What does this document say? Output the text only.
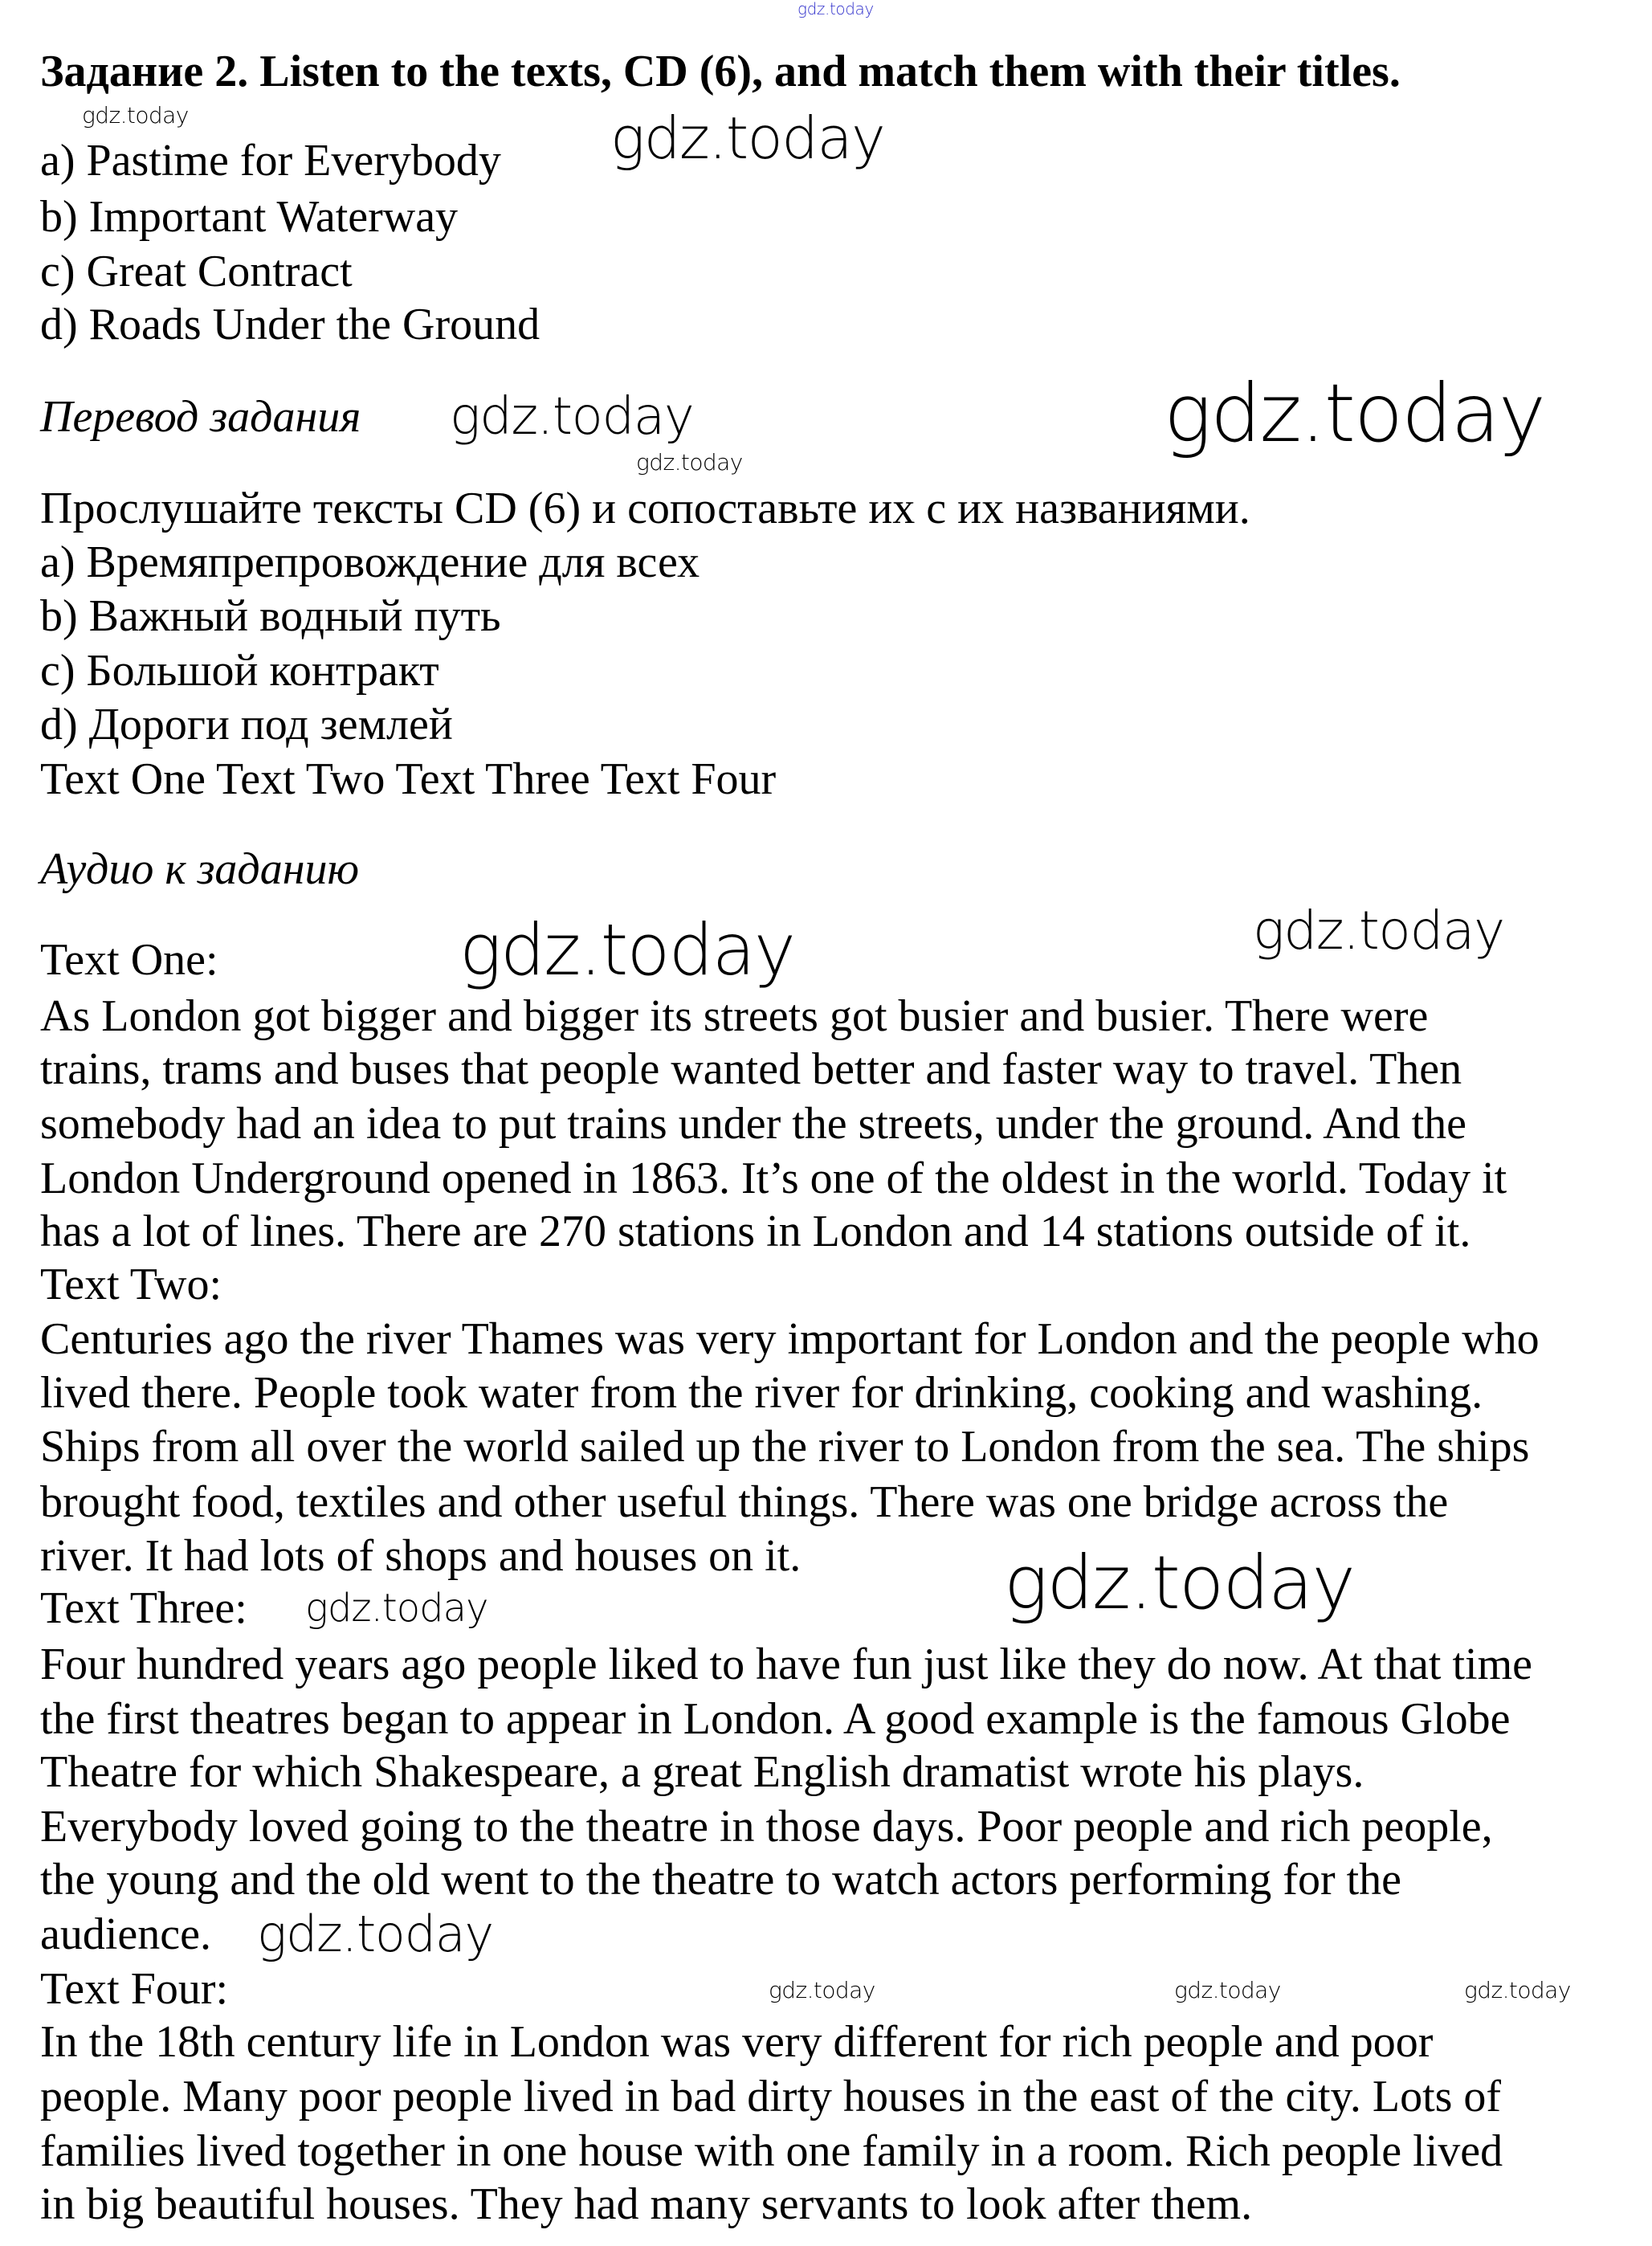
Задание 2. Listen to the texts, CD (6), and match them with their titles.
a) Pastime for Everybody
b) Important Waterway
c) Great Contract
d) Roads Under the Ground
Перевод задания
Прослушайте тексты CD (6) и сопоставьте их с их названиями.
a) Времяпрепровождение для всех
b) Важный водный путь
c) Большой контракт
d) Дороги под землей
Text One Text Two Text Three Text Four
Аудио к заданию
Text One:
As London got bigger and bigger its streets got busier and busier. There were
trains, trams and buses that people wanted better and faster way to travel. Then
somebody had an idea to put trains under the streets, under the ground. And the
London Underground opened in 1863. It’s one of the oldest in the world. Today it
has a lot of lines. There are 270 stations in London and 14 stations outside of it.
Text Two:
Centuries ago the river Thames was very important for London and the people who
lived there. People took water from the river for drinking, cooking and washing.
Ships from all over the world sailed up the river to London from the sea. The ships
brought food, textiles and other useful things. There was one bridge across the
river. It had lots of shops and houses on it.
Text Three:
Four hundred years ago people liked to have fun just like they do now. At that time
the first theatres began to appear in London. A good example is the famous Globe
Theatre for which Shakespeare, a great English dramatist wrote his plays.
Everybody loved going to the theatre in those days. Poor people and rich people,
the young and the old went to the theatre to watch actors performing for the
audience.
Text Four:
In the 18th century life in London was very different for rich people and poor
people. Many poor people lived in bad dirty houses in the east of the city. Lots of
families lived together in one house with one family in a room. Rich people lived
in big beautiful houses. They had many servants to look after them.
gdz.today
gdz.today	gdz.today
gdz.today
gdz.today
gdz.today
gdz.today	gdz.today
gdz.today
gdz.today
gdz.today
gdz.today	gdz.today	gdz.today
